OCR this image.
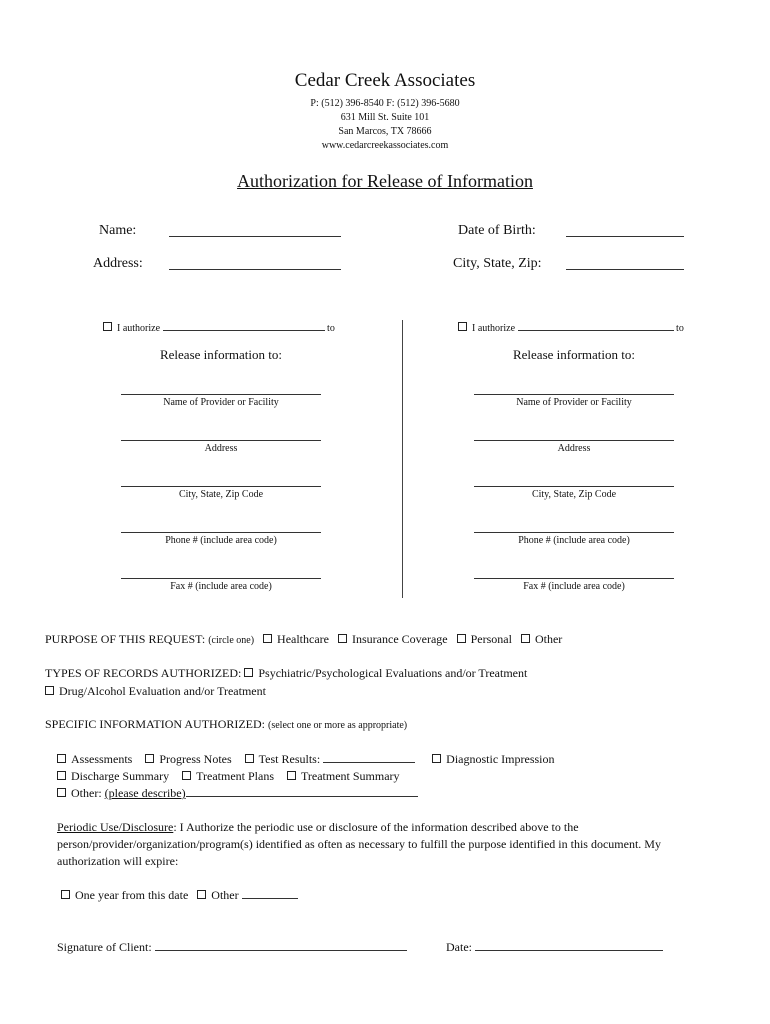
Cedar Creek Associates
P: (512) 396-8540 F: (512) 396-5680
631 Mill St. Suite 101
San Marcos, TX 78666
www.cedarcreekassociates.com
Authorization for Release of Information
Name:	Date of Birth:
Address:	City, State, Zip:
I authorize	to
Release information to:
Name of Provider or Facility
Address
City, State, Zip Code
Phone # (include area code)
Fax # (include area code)
I authorize	to
Release information to:
Name of Provider or Facility
Address
City, State, Zip Code
Phone # (include area code)
Fax # (include area code)
PURPOSE OF THIS REQUEST: (circle one) Healthcare Insurance Coverage Personal Other
TYPES OF RECORDS AUTHORIZED: Psychiatric/Psychological Evaluations and/or Treatment
Drug/Alcohol Evaluation and/or Treatment
SPECIFIC INFORMATION AUTHORIZED: (select one or more as appropriate)
Assessments Progress Notes Test Results:	Diagnostic Impression
Discharge Summary Treatment Plans Treatment Summary
Other: (please describe)
Periodic Use/Disclosure: I Authorize the periodic use or disclosure of the information described above to the
person/provider/organization/program(s) identified as often as necessary to fulfill the purpose identified in this document. My
authorization will expire:
One year from this date Other
Signature of Client:	Date:
